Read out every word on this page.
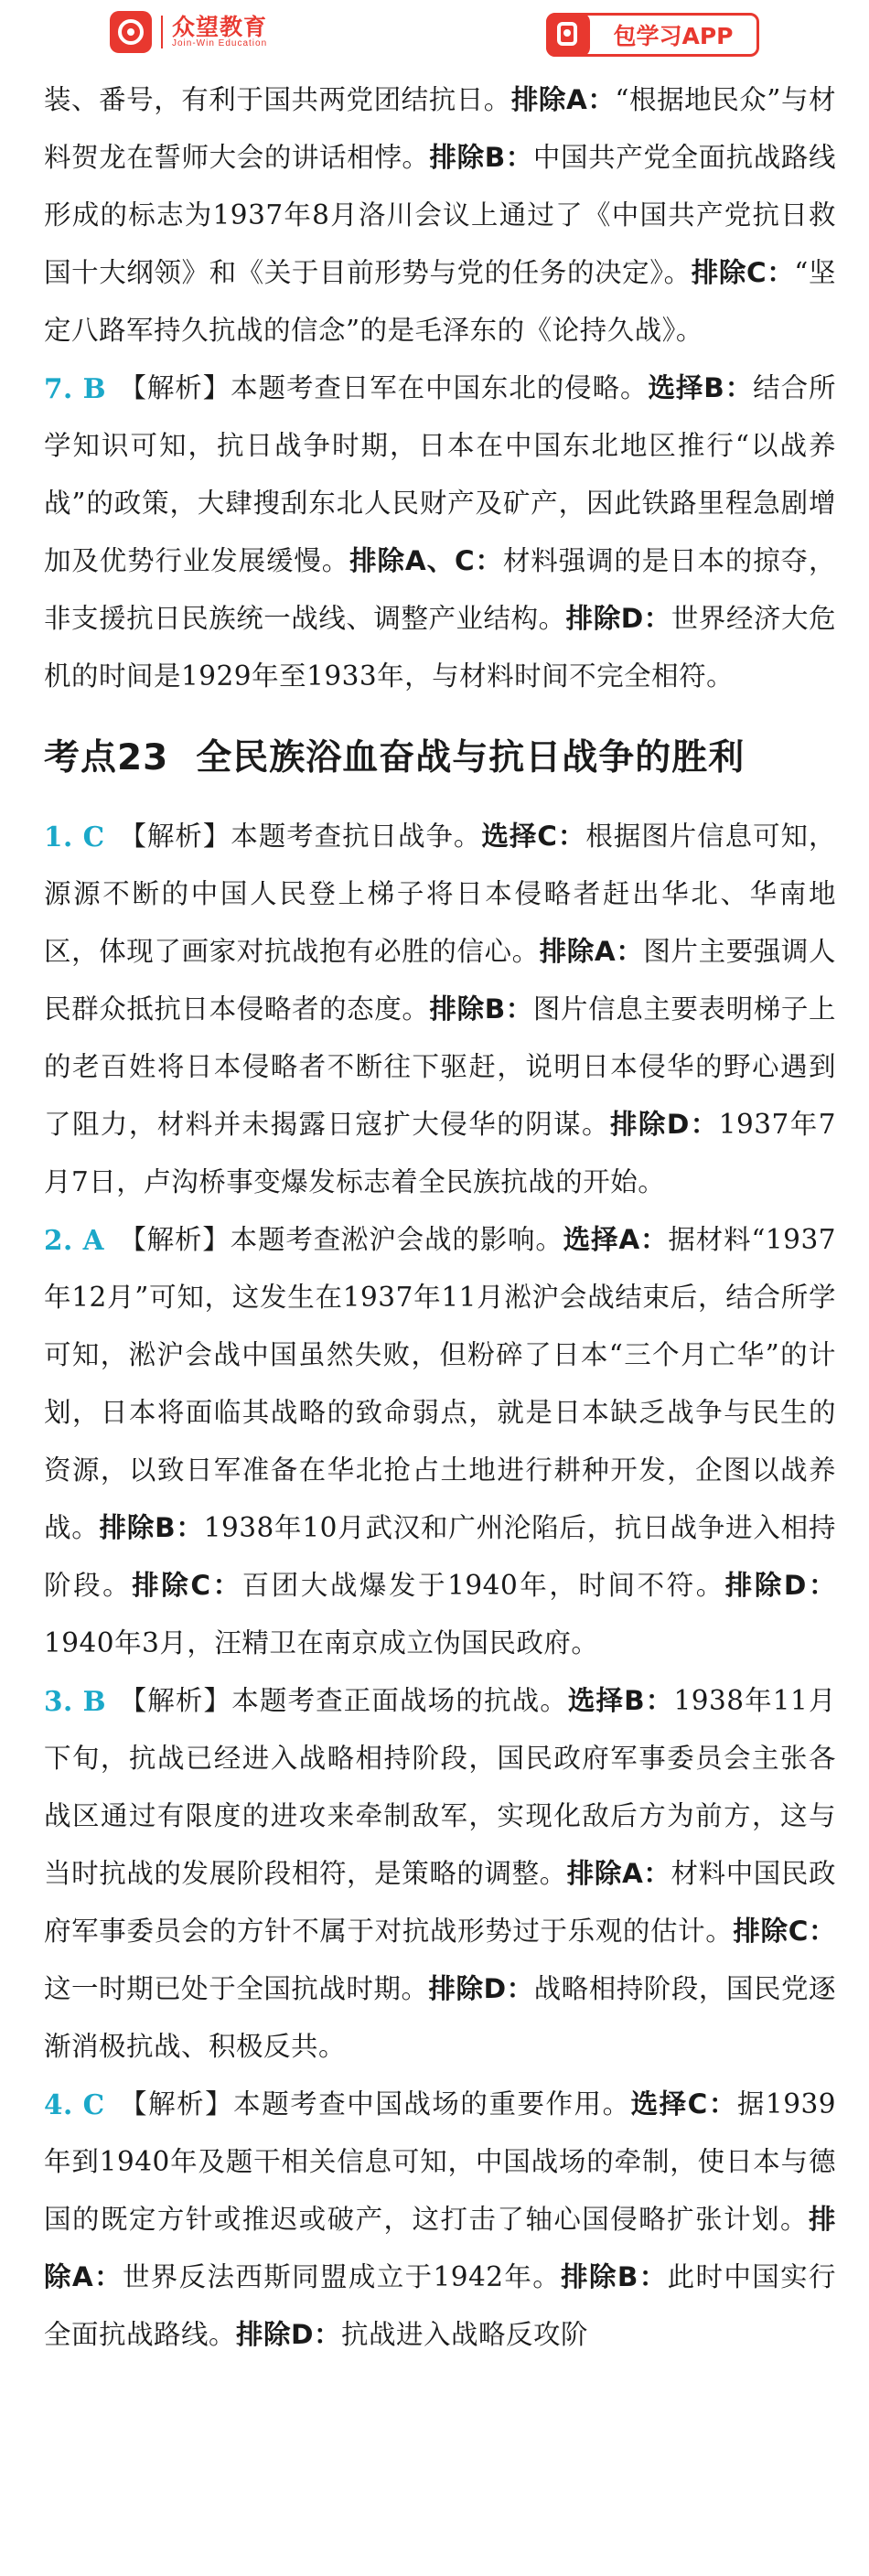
众望教育
Join-Win Education	包学习APP

装、番号，有利于国共两党团结抗日。排除A：“根据地民众”与材料贺龙在誓师大会的讲话相悖。排除B：中国共产党全面抗战路线形成的标志为1937年8月洛川会议上通过了《中国共产党抗日救国十大纲领》和《关于目前形势与党的任务的决定》。排除C：“坚定八路军持久抗战的信念”的是毛泽东的《论持久战》。

7. B 【解析】本题考查日军在中国东北的侵略。选择B：结合所学知识可知，抗日战争时期，日本在中国东北地区推行“以战养战”的政策，大肆搜刮东北人民财产及矿产，因此铁路里程急剧增加及优势行业发展缓慢。排除A、C：材料强调的是日本的掠夺，非支援抗日民族统一战线、调整产业结构。排除D：世界经济大危机的时间是1929年至1933年，与材料时间不完全相符。

考点23 全民族浴血奋战与抗日战争的胜利

1. C 【解析】本题考查抗日战争。选择C：根据图片信息可知，源源不断的中国人民登上梯子将日本侵略者赶出华北、华南地区，体现了画家对抗战抱有必胜的信心。排除A：图片主要强调人民群众抵抗日本侵略者的态度。排除B：图片信息主要表明梯子上的老百姓将日本侵略者不断往下驱赶，说明日本侵华的野心遇到了阻力，材料并未揭露日寇扩大侵华的阴谋。排除D：1937年7月7日，卢沟桥事变爆发标志着全民族抗战的开始。

2. A 【解析】本题考查淞沪会战的影响。选择A：据材料“1937年12月”可知，这发生在1937年11月淞沪会战结束后，结合所学可知，淞沪会战中国虽然失败，但粉碎了日本“三个月亡华”的计划，日本将面临其战略的致命弱点，就是日本缺乏战争与民生的资源，以致日军准备在华北抢占土地进行耕种开发，企图以战养战。排除B：1938年10月武汉和广州沦陷后，抗日战争进入相持阶段。排除C：百团大战爆发于1940年，时间不符。排除D：1940年3月，汪精卫在南京成立伪国民政府。

3. B 【解析】本题考查正面战场的抗战。选择B：1938年11月下旬，抗战已经进入战略相持阶段，国民政府军事委员会主张各战区通过有限度的进攻来牵制敌军，实现化敌后方为前方，这与当时抗战的发展阶段相符，是策略的调整。排除A：材料中国民政府军事委员会的方针不属于对抗战形势过于乐观的估计。排除C：这一时期已处于全国抗战时期。排除D：战略相持阶段，国民党逐渐消极抗战、积极反共。

4. C 【解析】本题考查中国战场的重要作用。选择C：据1939年到1940年及题干相关信息可知，中国战场的牵制，使日本与德国的既定方针或推迟或破产，这打击了轴心国侵略扩张计划。排除A：世界反法西斯同盟成立于1942年。排除B：此时中国实行全面抗战路线。排除D：抗战进入战略反攻阶
